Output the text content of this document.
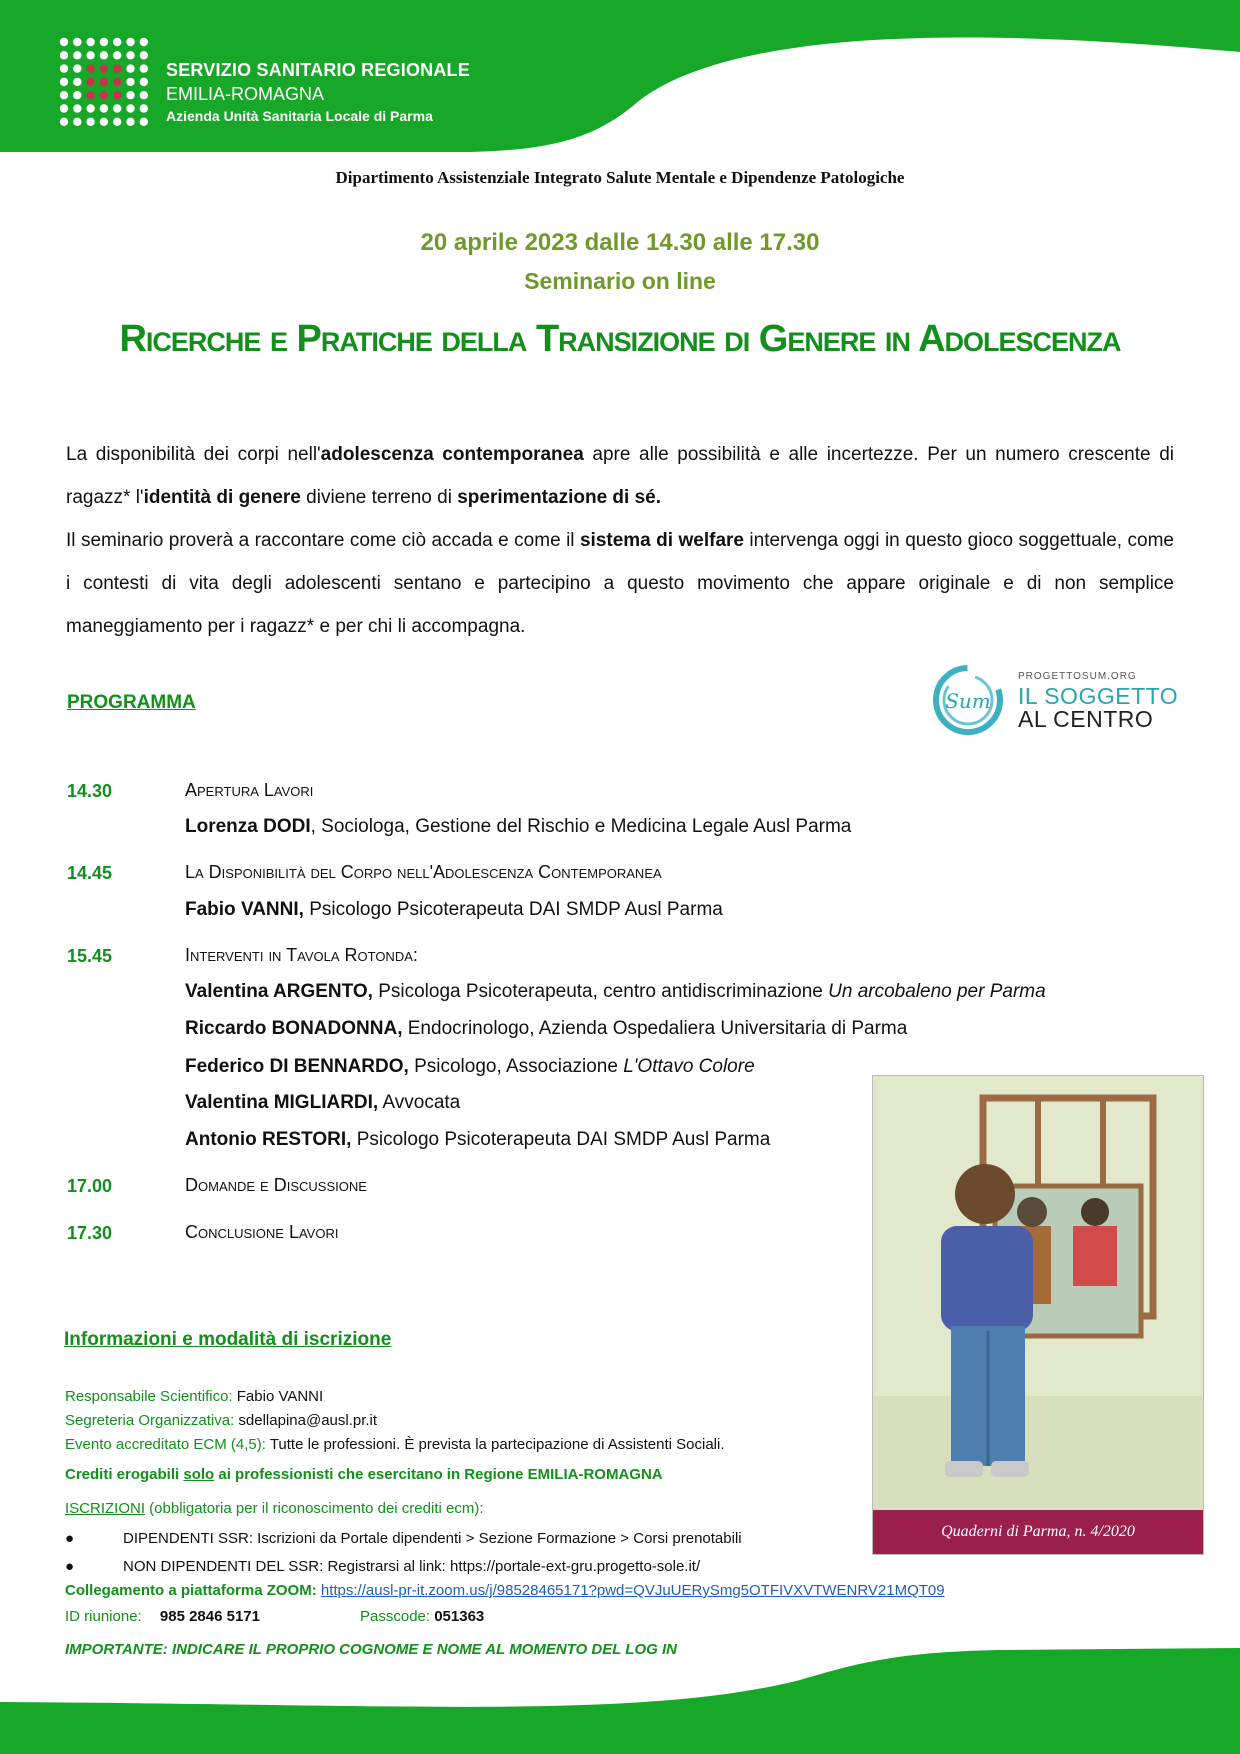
SERVIZIO SANITARIO REGIONALE
EMILIA-ROMAGNA
Azienda Unità Sanitaria Locale di Parma
Dipartimento Assistenziale Integrato Salute Mentale e Dipendenze Patologiche
20 aprile 2023 dalle 14.30 alle 17.30
Seminario on line
Ricerche e Pratiche della Transizione di Genere in Adolescenza

La disponibilità dei corpi nell'adolescenza contemporanea apre alle possibilità e alle incertezze. Per un numero crescente di ragazz* l'identità di genere diviene terreno di sperimentazione di sé.

Il seminario proverà a raccontare come ciò accada e come il sistema di welfare intervenga oggi in questo gioco soggettuale, come i contesti di vita degli adolescenti sentano e partecipino a questo movimento che appare originale e di non semplice maneggiamento per i ragazz* e per chi li accompagna.

PROGRAMMA	Sum
PROGETTOSUM.ORG
IL SOGGETTO
AL CENTRO
14.30	Apertura Lavori
Lorenza DODI, Sociologa, Gestione del Rischio e Medicina Legale Ausl Parma
14.45	La Disponibilità del Corpo nell'Adolescenza Contemporanea
Fabio VANNI, Psicologo Psicoterapeuta DAI SMDP Ausl Parma
15.45	Interventi in Tavola Rotonda:
Valentina ARGENTO, Psicologa Psicoterapeuta, centro antidiscriminazione Un arcobaleno per Parma
Riccardo BONADONNA, Endocrinologo, Azienda Ospedaliera Universitaria di Parma
Federico DI BENNARDO, Psicologo, Associazione L'Ottavo Colore
Valentina MIGLIARDI, Avvocata
Antonio RESTORI, Psicologo Psicoterapeuta DAI SMDP Ausl Parma
17.00	Domande e Discussione
17.30	Conclusione Lavori
Quaderni di Parma, n. 4/2020
Informazioni e modalità di iscrizione
Responsabile Scientifico: Fabio VANNI
Segreteria Organizzativa: sdellapina@ausl.pr.it
Evento accreditato ECM (4,5): Tutte le professioni. È prevista la partecipazione di Assistenti Sociali.
Crediti erogabili solo ai professionisti che esercitano in Regione EMILIA-ROMAGNA
ISCRIZIONI (obbligatoria per il riconoscimento dei crediti ecm):
●	DIPENDENTI SSR: Iscrizioni da Portale dipendenti > Sezione Formazione > Corsi prenotabili
●	NON DIPENDENTI DEL SSR: Registrarsi al link: https://portale-ext-gru.progetto-sole.it/
Collegamento a piattaforma ZOOM: https://ausl-pr-it.zoom.us/j/98528465171?pwd=QVJuUERySmg5OTFIVXVTWENRV21MQT09
ID riunione: 985 2846 5171	Passcode: 051363
IMPORTANTE: INDICARE IL PROPRIO COGNOME E NOME AL MOMENTO DEL LOG IN
